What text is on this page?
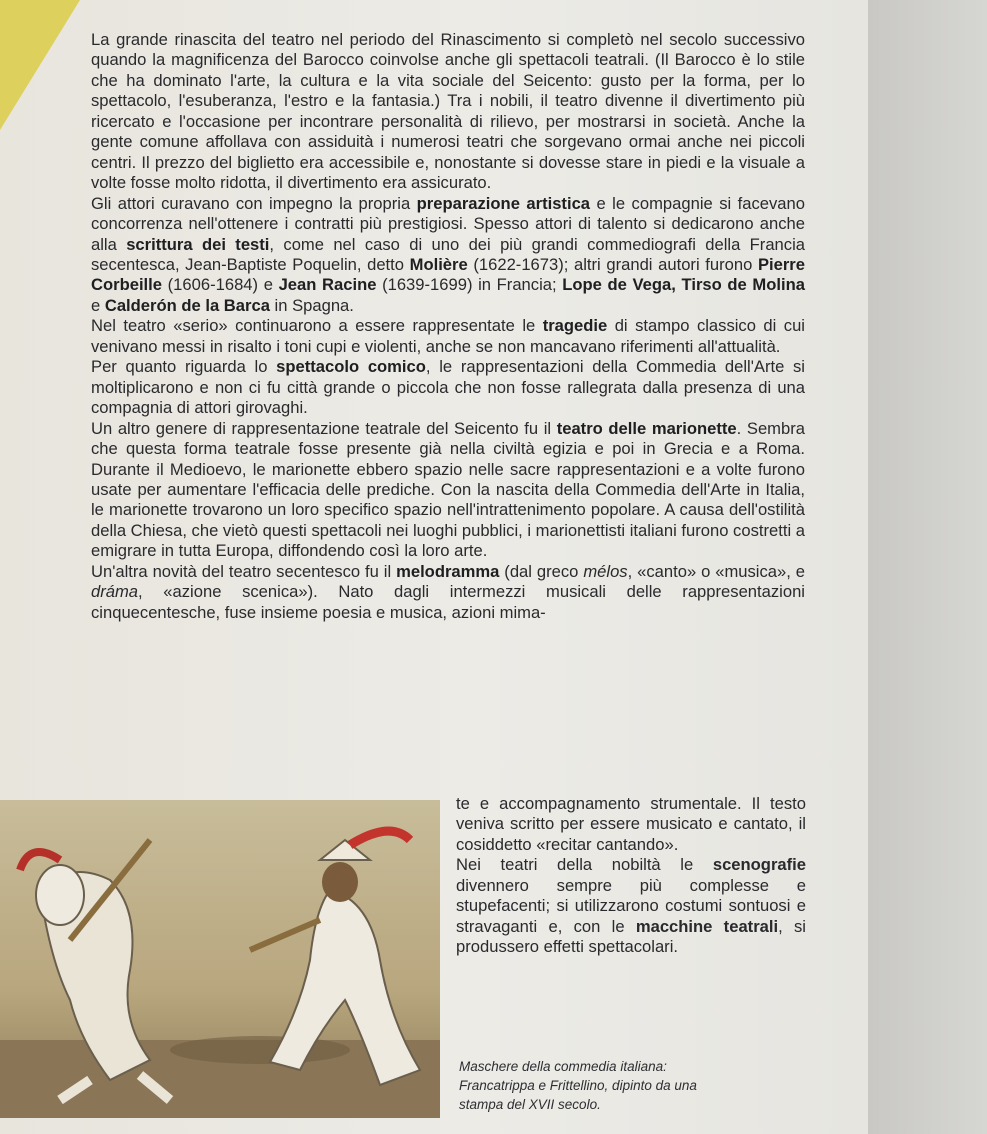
La grande rinascita del teatro nel periodo del Rinascimento si completò nel secolo successivo quando la magnificenza del Barocco coinvolse anche gli spettacoli teatrali. (Il Barocco è lo stile che ha dominato l'arte, la cultura e la vita sociale del Seicento: gusto per la forma, per lo spettacolo, l'esuberanza, l'estro e la fantasia.) Tra i nobili, il teatro divenne il divertimento più ricercato e l'occasione per incontrare personalità di rilievo, per mostrarsi in società. Anche la gente comune affollava con assiduità i numerosi teatri che sorgevano ormai anche nei piccoli centri. Il prezzo del biglietto era accessibile e, nonostante si dovesse stare in piedi e la visuale a volte fosse molto ridotta, il divertimento era assicurato.

Gli attori curavano con impegno la propria preparazione artistica e le compagnie si facevano concorrenza nell'ottenere i contratti più prestigiosi. Spesso attori di talento si dedicarono anche alla scrittura dei testi, come nel caso di uno dei più grandi commediografi della Francia secentesca, Jean-Baptiste Poquelin, detto Molière (1622-1673); altri grandi autori furono Pierre Corbeille (1606-1684) e Jean Racine (1639-1699) in Francia; Lope de Vega, Tirso de Molina e Calderón de la Barca in Spagna.

Nel teatro «serio» continuarono a essere rappresentate le tragedie di stampo classico di cui venivano messi in risalto i toni cupi e violenti, anche se non mancavano riferimenti all'attualità.

Per quanto riguarda lo spettacolo comico, le rappresentazioni della Commedia dell'Arte si moltiplicarono e non ci fu città grande o piccola che non fosse rallegrata dalla presenza di una compagnia di attori girovaghi.

Un altro genere di rappresentazione teatrale del Seicento fu il teatro delle marionette. Sembra che questa forma teatrale fosse presente già nella civiltà egizia e poi in Grecia e a Roma. Durante il Medioevo, le marionette ebbero spazio nelle sacre rappresentazioni e a volte furono usate per aumentare l'efficacia delle prediche. Con la nascita della Commedia dell'Arte in Italia, le marionette trovarono un loro specifico spazio nell'intrattenimento popolare. A causa dell'ostilità della Chiesa, che vietò questi spettacoli nei luoghi pubblici, i marionettisti italiani furono costretti a emigrare in tutta Europa, diffondendo così la loro arte.

Un'altra novità del teatro secentesco fu il melodramma (dal greco mélos, «canto» o «musica», e dráma, «azione scenica»). Nato dagli intermezzi musicali delle rappresentazioni cinquecentesche, fuse insieme poesia e musica, azioni mima-

te e accompagnamento strumentale. Il testo veniva scritto per essere musicato e cantato, il cosiddetto «recitar cantando».

Nei teatri della nobiltà le scenografie divennero sempre più complesse e stupefacenti; si utilizzarono costumi sontuosi e stravaganti e, con le macchine teatrali, si produssero effetti spettacolari.

Maschere della commedia italiana:
Francatrippa e Frittellino, dipinto da una
stampa del XVII secolo.
